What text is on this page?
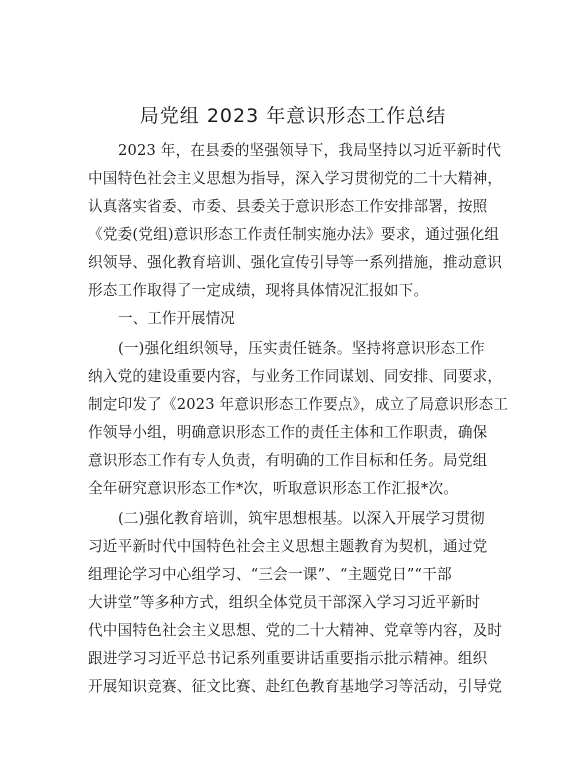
局党组 2023 年意识形态工作总结
2023 年，在县委的坚强领导下，我局坚持以习近平新时代
中国特色社会主义思想为指导，深入学习贯彻党的二十大精神，
认真落实省委、市委、县委关于意识形态工作安排部署，按照
《党委(党组)意识形态工作责任制实施办法》要求，通过强化组
织领导、强化教育培训、强化宣传引导等一系列措施，推动意识
形态工作取得了一定成绩，现将具体情况汇报如下。
一、工作开展情况
(一)强化组织领导，压实责任链条。坚持将意识形态工作
纳入党的建设重要内容，与业务工作同谋划、同安排、同要求，
制定印发了《2023 年意识形态工作要点》，成立了局意识形态工
作领导小组，明确意识形态工作的责任主体和工作职责，确保
意识形态工作有专人负责，有明确的工作目标和任务。局党组
全年研究意识形态工作*次，听取意识形态工作汇报*次。
(二)强化教育培训，筑牢思想根基。以深入开展学习贯彻
习近平新时代中国特色社会主义思想主题教育为契机，通过党
组理论学习中心组学习、“三会一课”、“主题党日”“干部
大讲堂”等多种方式，组织全体党员干部深入学习习近平新时
代中国特色社会主义思想、党的二十大精神、党章等内容，及时
跟进学习习近平总书记系列重要讲话重要指示批示精神。组织
开展知识竞赛、征文比赛、赴红色教育基地学习等活动，引导党
